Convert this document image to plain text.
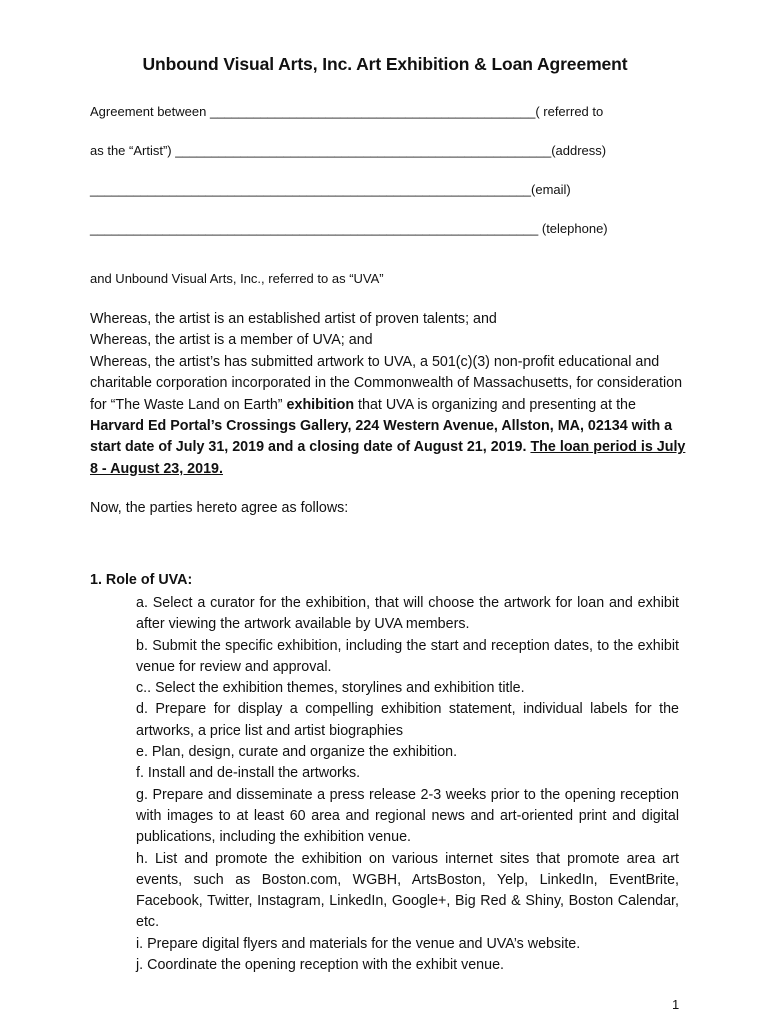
Unbound Visual Arts, Inc. Art Exhibition & Loan Agreement
Agreement between _____________________________________________( referred to
as the “Artist”) ____________________________________________________(address)
_____________________________________________________________(email)
______________________________________________________________ (telephone)
and Unbound Visual Arts, Inc., referred to as “UVA”

Whereas, the artist is an established artist of proven talents; and

Whereas, the artist is a member of UVA; and

Whereas, the artist’s has submitted artwork to UVA, a 501(c)(3) non-profit educational and charitable corporation incorporated in the Commonwealth of Massachusetts, for consideration for “The Waste Land on Earth” exhibition that UVA is organizing and presenting at the Harvard Ed Portal’s Crossings Gallery, 224 Western Avenue, Allston, MA, 02134 with a start date of July 31, 2019 and a closing date of August 21, 2019. The loan period is July 8 - August 23, 2019.

Now, the parties hereto agree as follows:
1. Role of UVA:

a. Select a curator for the exhibition, that will choose the artwork for loan and exhibit after viewing the artwork available by UVA members.

b. Submit the specific exhibition, including the start and reception dates, to the exhibit venue for review and approval.

c.. Select the exhibition themes, storylines and exhibition title.

d. Prepare for display a compelling exhibition statement, individual labels for the artworks, a price list and artist biographies

e. Plan, design, curate and organize the exhibition.

f. Install and de-install the artworks.

g. Prepare and disseminate a press release 2-3 weeks prior to the opening reception with images to at least 60 area and regional news and art-oriented print and digital publications, including the exhibition venue.

h. List and promote the exhibition on various internet sites that promote area art events, such as Boston.com, WGBH, ArtsBoston, Yelp, LinkedIn, EventBrite, Facebook, Twitter, Instagram, LinkedIn, Google+, Big Red & Shiny, Boston Calendar, etc.

i. Prepare digital flyers and materials for the venue and UVA’s website.

j. Coordinate the opening reception with the exhibit venue.

1
